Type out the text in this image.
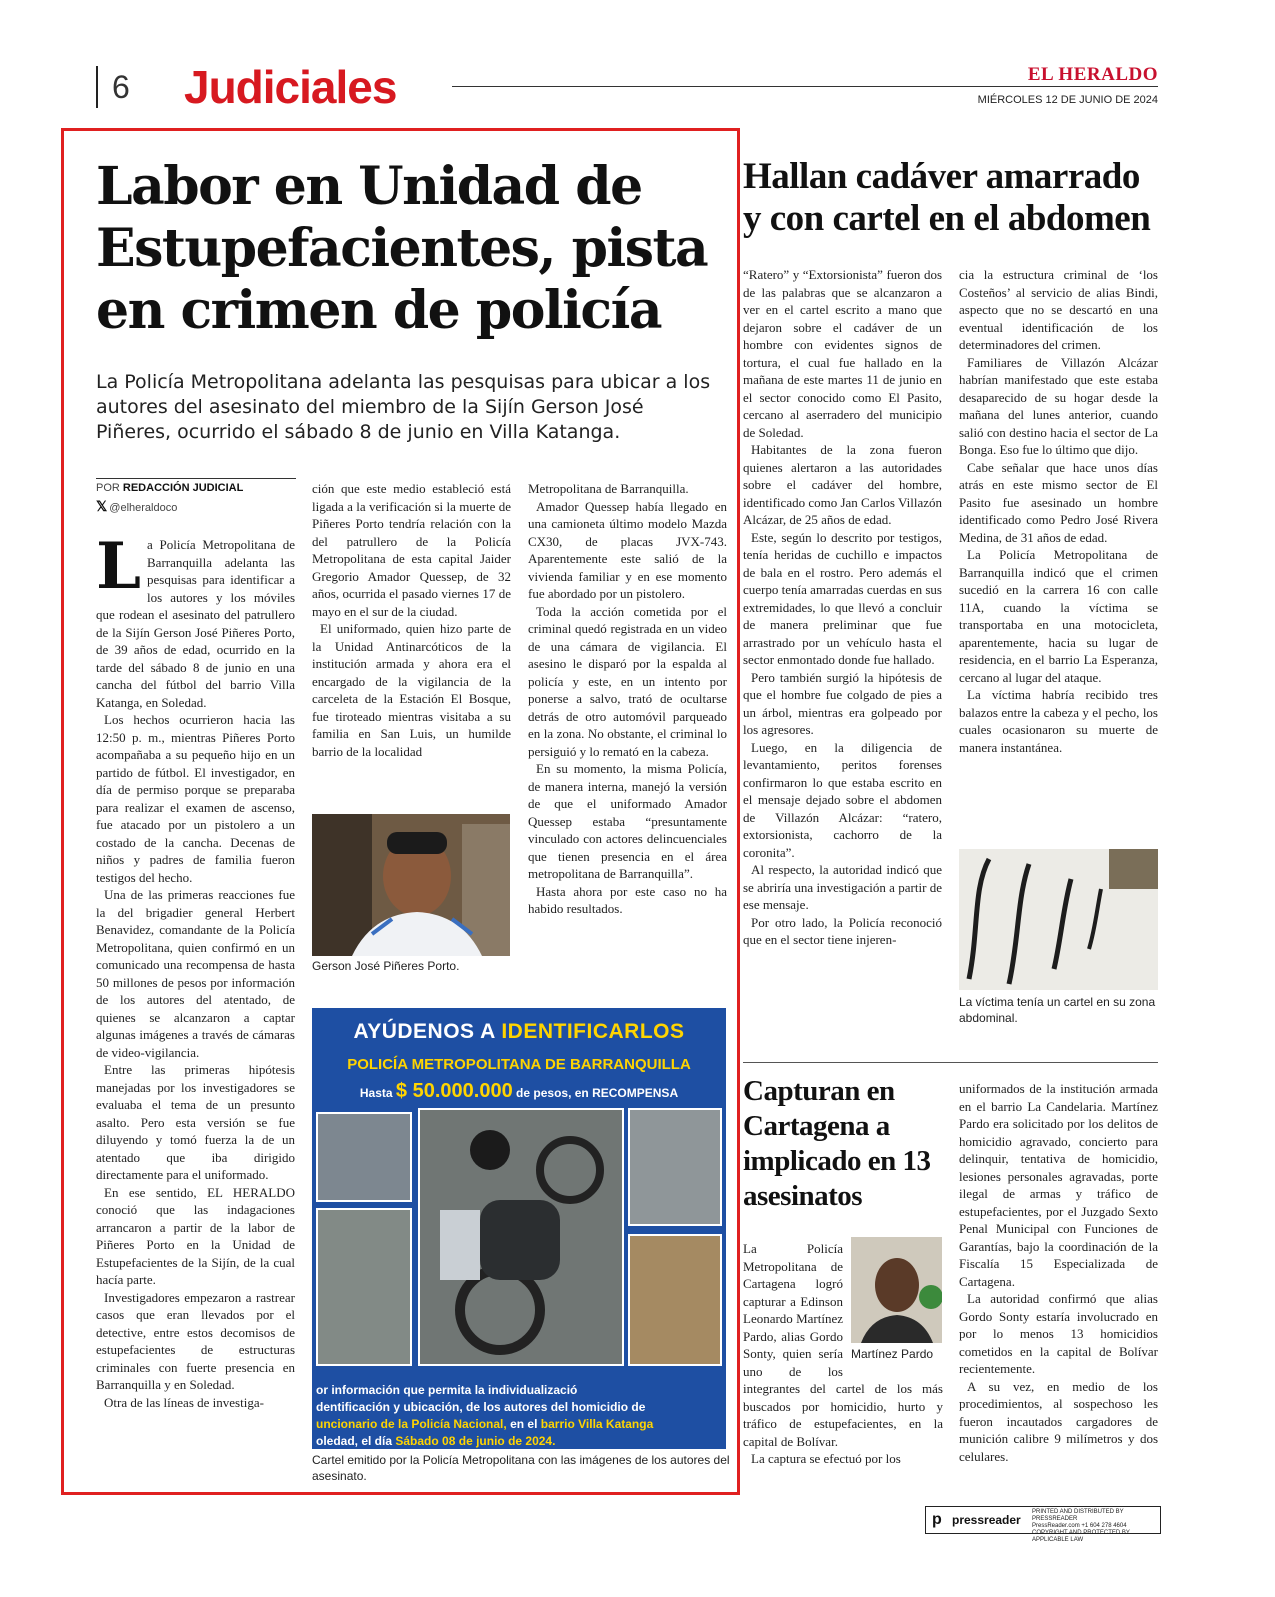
6	Judiciales	EL HERALDO
MIÉRCOLES 12 DE JUNIO DE 2024
Labor en Unidad de Estupefacientes, pista en crimen de policía

La Policía Metropolitana adelanta las pesquisas para ubicar a los autores del asesinato del miembro de la Sijín Gerson José Piñeres, ocurrido el sábado 8 de junio en Villa Katanga.

POR REDACCIÓN JUDICIAL
𝕏 @elheraldoco

La Policía Metropolitana de Barranquilla adelanta las pesquisas para identificar a los autores y los móviles que rodean el asesinato del patrullero de la Sijín Gerson José Piñeres Porto, de 39 años de edad, ocurrido en la tarde del sábado 8 de junio en una cancha del fútbol del barrio Villa Katanga, en Soledad.

Los hechos ocurrieron hacia las 12:50 p. m., mientras Piñeres Porto acompañaba a su pequeño hijo en un partido de fútbol. El investigador, en día de permiso porque se preparaba para realizar el examen de ascenso, fue atacado por un pistolero a un costado de la cancha. Decenas de niños y padres de familia fueron testigos del hecho.

Una de las primeras reacciones fue la del brigadier general Herbert Benavidez, comandante de la Policía Metropolitana, quien confirmó en un comunicado una recompensa de hasta 50 millones de pesos por información de los autores del atentado, de quienes se alcanzaron a captar algunas imágenes a través de cámaras de video-vigilancia.

Entre las primeras hipótesis manejadas por los investigadores se evaluaba el tema de un presunto asalto. Pero esta versión se fue diluyendo y tomó fuerza la de un atentado que iba dirigido directamente para el uniformado.

En ese sentido, EL HERALDO conoció que las indagaciones arrancaron a partir de la labor de Piñeres Porto en la Unidad de Estupefacientes de la Sijín, de la cual hacía parte.

Investigadores empezaron a rastrear casos que eran llevados por el detective, entre estos decomisos de estupefacientes de estructuras criminales con fuerte presencia en Barranquilla y en Soledad.

Otra de las líneas de investiga-

ción que este medio estableció está ligada a la verificación si la muerte de Piñeres Porto tendría relación con la del patrullero de la Policía Metropolitana de esta capital Jaider Gregorio Amador Quessep, de 32 años, ocurrida el pasado viernes 17 de mayo en el sur de la ciudad.

El uniformado, quien hizo parte de la Unidad Antinarcóticos de la institución armada y ahora era el encargado de la vigilancia de la carceleta de la Estación El Bosque, fue tiroteado mientras visitaba a su familia en San Luis, un humilde barrio de la localidad

Gerson José Piñeres Porto.

Metropolitana de Barranquilla.

Amador Quessep había llegado en una camioneta último modelo Mazda CX30, de placas JVX-743. Aparentemente este salió de la vivienda familiar y en ese momento fue abordado por un pistolero.

Toda la acción cometida por el criminal quedó registrada en un video de una cámara de vigilancia. El asesino le disparó por la espalda al policía y este, en un intento por ponerse a salvo, trató de ocultarse detrás de otro automóvil parqueado en la zona. No obstante, el criminal lo persiguió y lo remató en la cabeza.

En su momento, la misma Policía, de manera interna, manejó la versión de que el uniformado Amador Quessep estaba “presuntamente vinculado con actores delincuenciales que tienen presencia en el área metropolitana de Barranquilla”.

Hasta ahora por este caso no ha habido resultados.

AYÚDENOS A IDENTIFICARLOS
POLICÍA METROPOLITANA DE BARRANQUILLA
Hasta $ 50.000.000 de pesos, en RECOMPENSA
or información que permita la individualizació
dentificación y ubicación, de los autores del homicidio de
uncionario de la Policía Nacional, en el barrio Villa Katanga
oledad, el día Sábado 08 de junio de 2024.
Cartel emitido por la Policía Metropolitana con las imágenes de los autores del asesinato.
Hallan cadáver amarrado y con cartel en el abdomen

“Ratero” y “Extorsionista” fueron dos de las palabras que se alcanzaron a ver en el cartel escrito a mano que dejaron sobre el cadáver de un hombre con evidentes signos de tortura, el cual fue hallado en la mañana de este martes 11 de junio en el sector conocido como El Pasito, cercano al aserradero del municipio de Soledad.

Habitantes de la zona fueron quienes alertaron a las autoridades sobre el cadáver del hombre, identificado como Jan Carlos Villazón Alcázar, de 25 años de edad.

Este, según lo descrito por testigos, tenía heridas de cuchillo e impactos de bala en el rostro. Pero además el cuerpo tenía amarradas cuerdas en sus extremidades, lo que llevó a concluir de manera preliminar que fue arrastrado por un vehículo hasta el sector enmontado donde fue hallado.

Pero también surgió la hipótesis de que el hombre fue colgado de pies a un árbol, mientras era golpeado por los agresores.

Luego, en la diligencia de levantamiento, peritos forenses confirmaron lo que estaba escrito en el mensaje dejado sobre el abdomen de Villazón Alcázar: “ratero, extorsionista, cachorro de la coronita”.

Al respecto, la autoridad indicó que se abriría una investigación a partir de ese mensaje.

Por otro lado, la Policía reconoció que en el sector tiene injeren-

cia la estructura criminal de ‘los Costeños’ al servicio de alias Bindi, aspecto que no se descartó en una eventual identificación de los determinadores del crimen.

Familiares de Villazón Alcázar habrían manifestado que este estaba desaparecido de su hogar desde la mañana del lunes anterior, cuando salió con destino hacia el sector de La Bonga. Eso fue lo último que dijo.

Cabe señalar que hace unos días atrás en este mismo sector de El Pasito fue asesinado un hombre identificado como Pedro José Rivera Medina, de 31 años de edad.

La Policía Metropolitana de Barranquilla indicó que el crimen sucedió en la carrera 16 con calle 11A, cuando la víctima se transportaba en una motocicleta, aparentemente, hacia su lugar de residencia, en el barrio La Esperanza, cercano al lugar del ataque.

La víctima habría recibido tres balazos entre la cabeza y el pecho, los cuales ocasionaron su muerte de manera instantánea.

La víctima tenía un cartel en su zona abdominal.
Capturan en Cartagena a implicado en 13 asesinatos

La Policía Metropolitana de Cartagena logró capturar a Edinson Leonardo Martínez Pardo, alias Gordo Sonty, quien sería uno de los integrantes del cartel de los más buscados por homicidio, hurto y tráfico de estupefacientes, en la capital de Bolívar.

La captura se efectuó por los

Martínez Pardo

uniformados de la institución armada en el barrio La Candelaria. Martínez Pardo era solicitado por los delitos de homicidio agravado, concierto para delinquir, tentativa de homicidio, lesiones personales agravadas, porte ilegal de armas y tráfico de estupefacientes, por el Juzgado Sexto Penal Municipal con Funciones de Garantías, bajo la coordinación de la Fiscalía 15 Especializada de Cartagena.

La autoridad confirmó que alias Gordo Sonty estaría involucrado en por lo menos 13 homicidios cometidos en la capital de Bolívar recientemente.

A su vez, en medio de los procedimientos, al sospechoso les fueron incautados cargadores de munición calibre 9 milímetros y dos celulares.

p pressreader
PRINTED AND DISTRIBUTED BY PRESSREADER
PressReader.com +1 604 278 4604
COPYRIGHT AND PROTECTED BY APPLICABLE LAW
